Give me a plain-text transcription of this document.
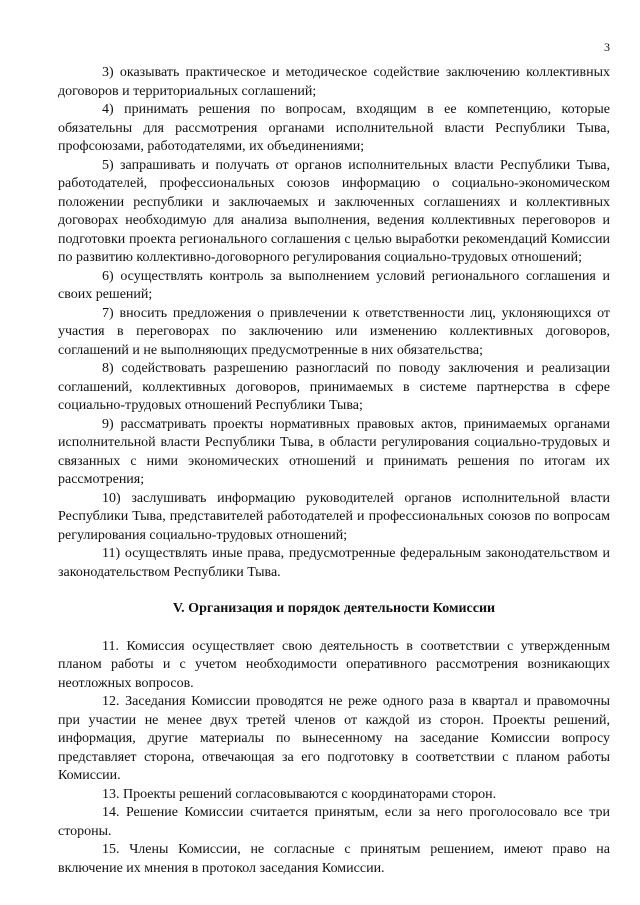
3

3) оказывать практическое и методическое содействие заключению коллективных договоров и территориальных соглашений;

4) принимать решения по вопросам, входящим в ее компетенцию, которые обязательны для рассмотрения органами исполнительной власти Республики Тыва, профсоюзами, работодателями, их объединениями;

5) запрашивать и получать от органов исполнительных власти Республики Тыва, работодателей, профессиональных союзов информацию о социально-экономическом положении республики и заключаемых и заключенных соглашениях и коллективных договорах необходимую для анализа выполнения, ведения коллективных переговоров и подготовки проекта регионального соглашения с целью выработки рекомендаций Комиссии по развитию коллективно-договорного регулирования социально-трудовых отношений;

6) осуществлять контроль за выполнением условий регионального соглашения и своих решений;

7) вносить предложения о привлечении к ответственности лиц, уклоняющихся от участия в переговорах по заключению или изменению коллективных договоров, соглашений и не выполняющих предусмотренные в них обязательства;

8) содействовать разрешению разногласий по поводу заключения и реализации соглашений, коллективных договоров, принимаемых в системе партнерства в сфере социально-трудовых отношений Республики Тыва;

9) рассматривать проекты нормативных правовых актов, принимаемых органами исполнительной власти Республики Тыва, в области регулирования социально-трудовых и связанных с ними экономических отношений и принимать решения по итогам их рассмотрения;

10) заслушивать информацию руководителей органов исполнительной власти Республики Тыва, представителей работодателей и профессиональных союзов по вопросам регулирования социально-трудовых отношений;

11) осуществлять иные права, предусмотренные федеральным законодательством и законодательством Республики Тыва.

V. Организация и порядок деятельности Комиссии

11. Комиссия осуществляет свою деятельность в соответствии с утвержденным планом работы и с учетом необходимости оперативного рассмотрения возникающих неотложных вопросов.

12. Заседания Комиссии проводятся не реже одного раза в квартал и правомочны при участии не менее двух третей членов от каждой из сторон. Проекты решений, информация, другие материалы по вынесенному на заседание Комиссии вопросу представляет сторона, отвечающая за его подготовку в соответствии с планом работы Комиссии.

13. Проекты решений согласовываются с координаторами сторон.

14. Решение Комиссии считается принятым, если за него проголосовало все три стороны.

15. Члены Комиссии, не согласные с принятым решением, имеют право на включение их мнения в протокол заседания Комиссии.
